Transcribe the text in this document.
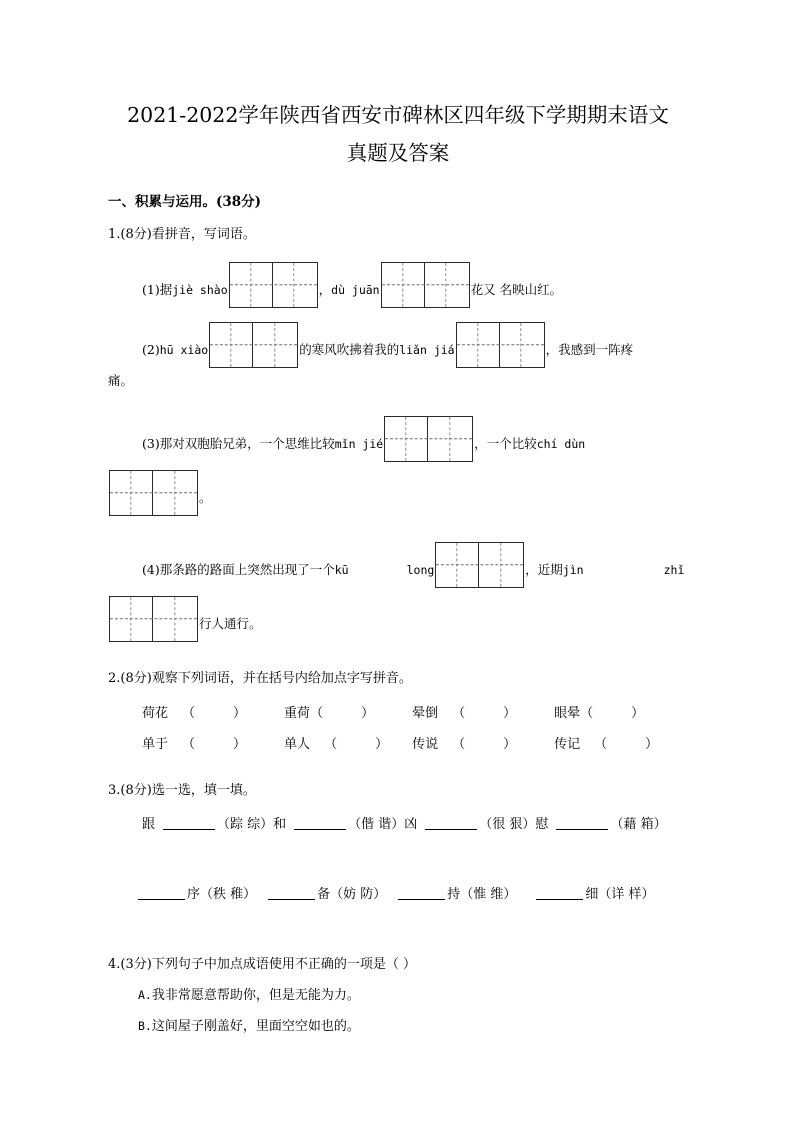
2021-2022学年陕西省西安市碑林区四年级下学期期末语文
真题及答案
一、积累与运用。(38分)
1.(8分)看拼音，写词语。
(1)据jiè shào	，dù juān	花又 名映山红。
(2)hū xiào	的寒风吹拂着我的liǎn jiá	，我感到一阵疼
痛。
(3)那对双胞胎兄弟，一个思维比较mǐn jié	，一个比较chí dùn
。
(4)那条路的路面上突然出现了一个kū	long	，近期jìn	zhǐ
行人通行。
2.(8分)观察下列词语，并在括号内给加点字写拼音。
荷花 （	）	重荷（	）	晕倒 （	）	眼晕（	）
单于 （	）	单人 （	） 传说 （	）	传记 （	）
3.(8分)选一选，填一填。
跟	（踪 综）和	（偕 谐）凶	（很 狠）慰	（藉 箱）
序（秩 稚）	备（妨 防）	持（惟 维）	细（详 样）
4.(3分)下列句子中加点成语使用不正确的一项是（ ）
A.我非常愿意帮助你，但是无能为力。
B.这间屋子刚盖好，里面空空如也的。
